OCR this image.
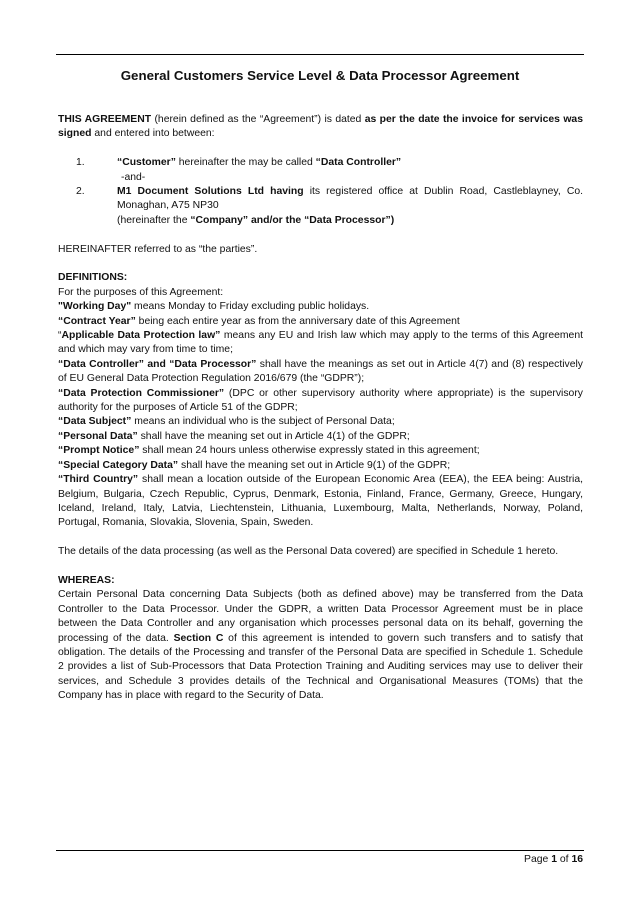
General Customers Service Level & Data Processor Agreement

THIS AGREEMENT (herein defined as the “Agreement”) is dated as per the date the invoice for services was signed and entered into between:

1.	“Customer” hereinafter the may be called “Data Controller”
-and-
2.	M1 Document Solutions Ltd having its registered office at Dublin Road, Castleblayney, Co. Monaghan, A75 NP30
(hereinafter the “Company” and/or the “Data Processor”)

HEREINAFTER referred to as “the parties”.

DEFINITIONS:

For the purposes of this Agreement:

"Working Day" means Monday to Friday excluding public holidays.

“Contract Year” being each entire year as from the anniversary date of this Agreement

“Applicable Data Protection law” means any EU and Irish law which may apply to the terms of this Agreement and which may vary from time to time;

“Data Controller” and “Data Processor” shall have the meanings as set out in Article 4(7) and (8) respectively of EU General Data Protection Regulation 2016/679 (the “GDPR”);

“Data Protection Commissioner” (DPC or other supervisory authority where appropriate) is the supervisory authority for the purposes of Article 51 of the GDPR;

“Data Subject” means an individual who is the subject of Personal Data;

“Personal Data” shall have the meaning set out in Article 4(1) of the GDPR;

“Prompt Notice” shall mean 24 hours unless otherwise expressly stated in this agreement;

“Special Category Data” shall have the meaning set out in Article 9(1) of the GDPR;

“Third Country” shall mean a location outside of the European Economic Area (EEA), the EEA being: Austria, Belgium, Bulgaria, Czech Republic, Cyprus, Denmark, Estonia, Finland, France, Germany, Greece, Hungary, Iceland, Ireland, Italy, Latvia, Liechtenstein, Lithuania, Luxembourg, Malta, Netherlands, Norway, Poland, Portugal, Romania, Slovakia, Slovenia, Spain, Sweden.

The details of the data processing (as well as the Personal Data covered) are specified in Schedule 1 hereto.

WHEREAS:

Certain Personal Data concerning Data Subjects (both as defined above) may be transferred from the Data Controller to the Data Processor. Under the GDPR, a written Data Processor Agreement must be in place between the Data Controller and any organisation which processes personal data on its behalf, governing the processing of the data. Section C of this agreement is intended to govern such transfers and to satisfy that obligation. The details of the Processing and transfer of the Personal Data are specified in Schedule 1. Schedule 2 provides a list of Sub-Processors that Data Protection Training and Auditing services may use to deliver their services, and Schedule 3 provides details of the Technical and Organisational Measures (TOMs) that the Company has in place with regard to the Security of Data.

Page 1 of 16
